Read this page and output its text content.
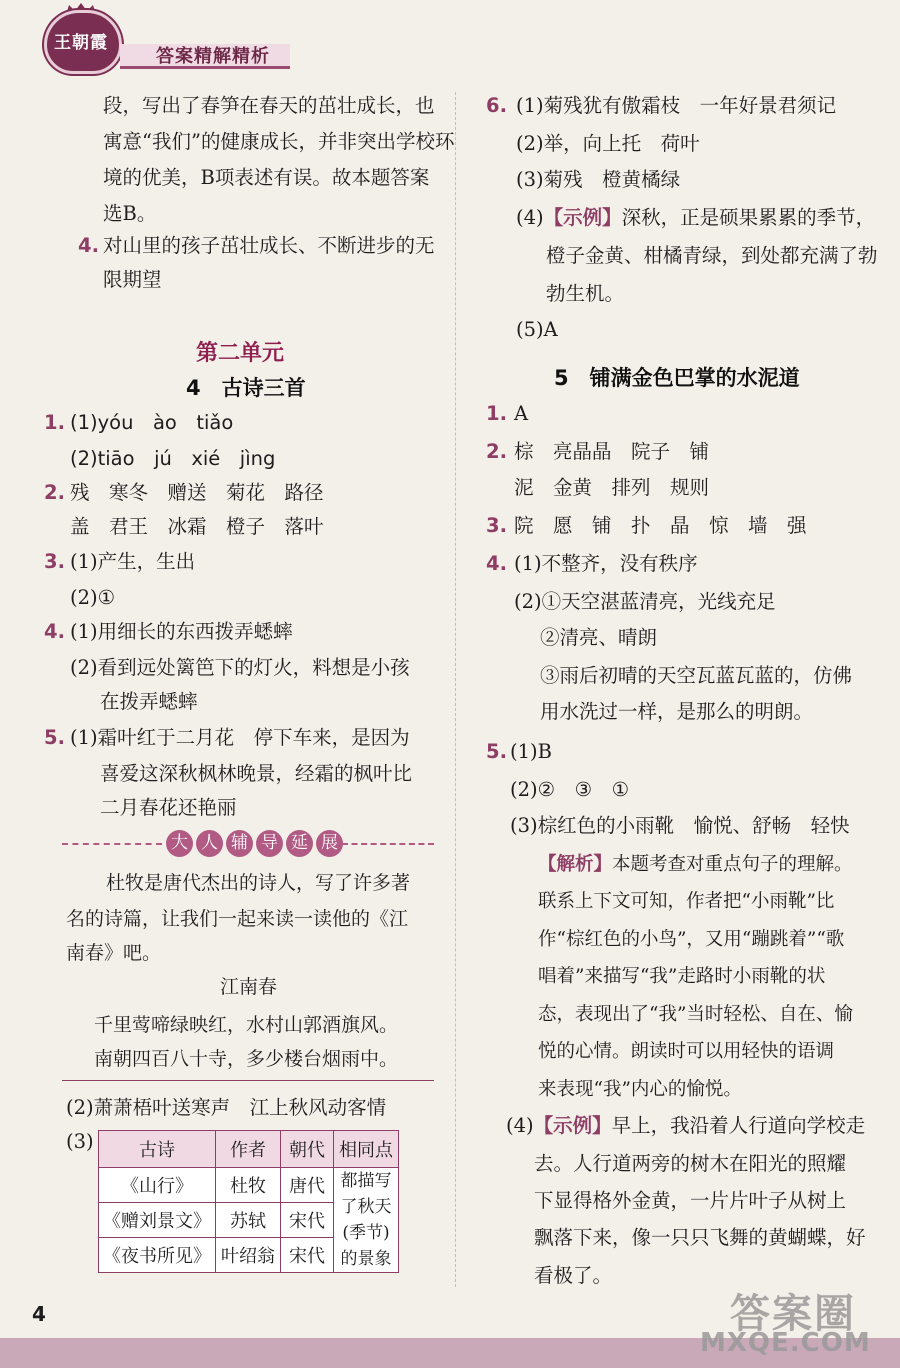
王朝霞
答案精解精析
段，写出了春笋在春天的茁壮成长，也
寓意“我们”的健康成长，并非突出学校环
境的优美，B项表述有误。故本题答案
选B。
4. 对山里的孩子茁壮成长、不断进步的无
限期望
第二单元
4　古诗三首
1. (1)yóu　ào　tiǎo
(2)tiāo　jú　xié　jìng
2. 残　寒冬　赠送　菊花　路径
盖　君王　冰霜　橙子　落叶
3. (1)产生，生出
(2)①
4. (1)用细长的东西拨弄蟋蟀
(2)看到远处篱笆下的灯火，料想是小孩
在拨弄蟋蟀
5. (1)霜叶红于二月花　停下车来，是因为
喜爱这深秋枫林晚景，经霜的枫叶比
二月春花还艳丽
大 人 辅 导 延 展
杜牧是唐代杰出的诗人，写了许多著
名的诗篇，让我们一起来读一读他的《江
南春》吧。
江南春
千里莺啼绿映红，水村山郭酒旗风。
南朝四百八十寺，多少楼台烟雨中。
(2)萧萧梧叶送寒声　江上秋风动客情
(3)	古诗	作者	朝代	相同点
《山行》	杜牧	唐代	都描写
了秋天
(季节)
的景象

《赠刘景文》	苏轼	宋代	
《夜书所见》	叶绍翁	宋代	
6. (1)菊残犹有傲霜枝　一年好景君须记
(2)举，向上托　荷叶
(3)菊残　橙黄橘绿
(4)【示例】深秋，正是硕果累累的季节，
橙子金黄、柑橘青绿，到处都充满了勃
勃生机。
(5)A
5　铺满金色巴掌的水泥道
1. A
2. 棕　亮晶晶　院子　铺
泥　金黄　排列　规则
3. 院　愿　铺　扑　晶　惊　墙　强
4. (1)不整齐，没有秩序
(2)①天空湛蓝清亮，光线充足
②清亮、晴朗
③雨后初晴的天空瓦蓝瓦蓝的，仿佛
用水洗过一样，是那么的明朗。
5. (1)B
(2)②　③　①
(3)棕红色的小雨靴　愉悦、舒畅　轻快
【解析】本题考查对重点句子的理解。
联系上下文可知，作者把“小雨靴”比
作“棕红色的小鸟”，又用“蹦跳着”“歌
唱着”来描写“我”走路时小雨靴的状
态，表现出了“我”当时轻松、自在、愉
悦的心情。朗读时可以用轻快的语调
来表现“我”内心的愉悦。
(4)【示例】早上，我沿着人行道向学校走
去。人行道两旁的树木在阳光的照耀
下显得格外金黄，一片片叶子从树上
飘落下来，像一只只飞舞的黄蝴蝶，好
看极了。
4	答案圈
MXQE.COM
